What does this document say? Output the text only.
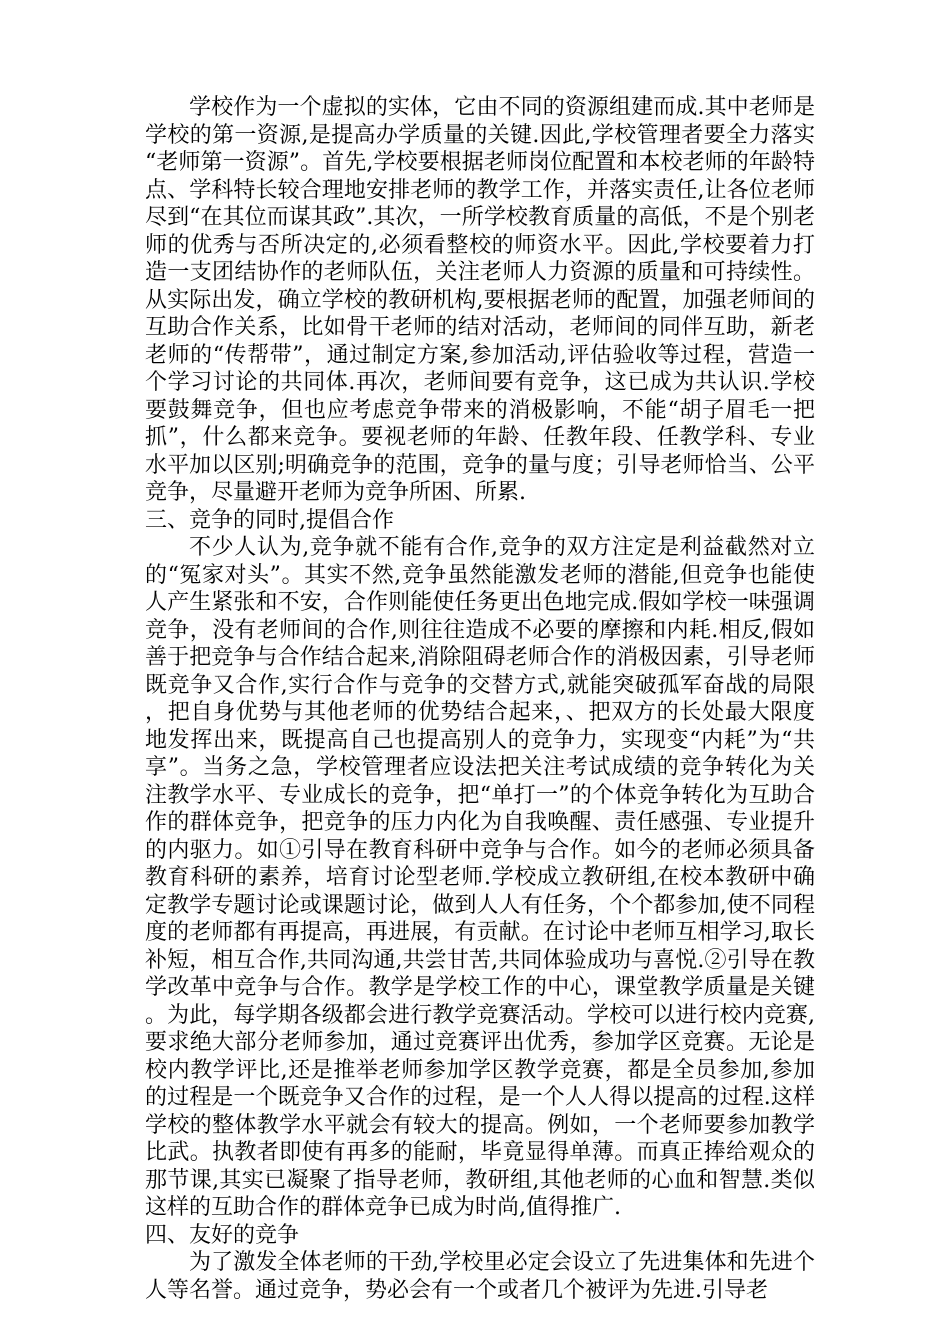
学校作为一个虚拟的实体，它由不同的资源组建而成.其中老师是学校的第一资源,是提高办学质量的关键.因此,学校管理者要全力落实“老师第一资源”。首先,学校要根据老师岗位配置和本校老师的年龄特点、学科特长较合理地安排老师的教学工作，并落实责任,让各位老师尽到“在其位而谋其政”.其次，一所学校教育质量的高低，不是个别老师的优秀与否所决定的,必须看整校的师资水平。因此,学校要着力打造一支团结协作的老师队伍，关注老师人力资源的质量和可持续性。从实际出发，确立学校的教研机构,要根据老师的配置，加强老师间的互助合作关系，比如骨干老师的结对活动，老师间的同伴互助，新老老师的“传帮带”，通过制定方案,参加活动,评估验收等过程，营造一个学习讨论的共同体.再次，老师间要有竞争，这已成为共认识.学校要鼓舞竞争，但也应考虑竞争带来的消极影响，不能“胡子眉毛一把抓”，什么都来竞争。要视老师的年龄、任教年段、任教学科、专业水平加以区别;明确竞争的范围，竞争的量与度；引导老师恰当、公平竞争，尽量避开老师为竞争所困、所累.

三、竞争的同时,提倡合作

不少人认为,竞争就不能有合作,竞争的双方注定是利益截然对立的“冤家对头”。其实不然,竞争虽然能激发老师的潜能,但竞争也能使人产生紧张和不安，合作则能使任务更出色地完成.假如学校一味强调竞争，没有老师间的合作,则往往造成不必要的摩擦和内耗.相反,假如善于把竞争与合作结合起来,消除阻碍老师合作的消极因素，引导老师既竞争又合作,实行合作与竞争的交替方式,就能突破孤军奋战的局限，把自身优势与其他老师的优势结合起来，、把双方的长处最大限度地发挥出来，既提高自己也提高别人的竞争力，实现变“内耗”为“共享”。当务之急，学校管理者应设法把关注考试成绩的竞争转化为关注教学水平、专业成长的竞争，把“单打一”的个体竞争转化为互助合作的群体竞争，把竞争的压力内化为自我唤醒、责任感强、专业提升的内驱力。如①引导在教育科研中竞争与合作。如今的老师必须具备教育科研的素养，培育讨论型老师.学校成立教研组,在校本教研中确定教学专题讨论或课题讨论，做到人人有任务，个个都参加,使不同程度的老师都有再提高，再进展，有贡献。在讨论中老师互相学习,取长补短，相互合作,共同沟通,共尝甘苦,共同体验成功与喜悦.②引导在教学改革中竞争与合作。教学是学校工作的中心，课堂教学质量是关键。为此，每学期各级都会进行教学竞赛活动。学校可以进行校内竞赛,要求绝大部分老师参加，通过竞赛评出优秀，参加学区竞赛。无论是校内教学评比,还是推举老师参加学区教学竞赛，都是全员参加,参加的过程是一个既竞争又合作的过程，是一个人人得以提高的过程.这样学校的整体教学水平就会有较大的提高。例如，一个老师要参加教学比武。执教者即使有再多的能耐，毕竟显得单薄。而真正捧给观众的那节课,其实已凝聚了指导老师，教研组,其他老师的心血和智慧.类似这样的互助合作的群体竞争已成为时尚,值得推广.

四、友好的竞争

为了激发全体老师的干劲,学校里必定会设立了先进集体和先进个人等名誉。通过竞争，势必会有一个或者几个被评为先进.引导老
